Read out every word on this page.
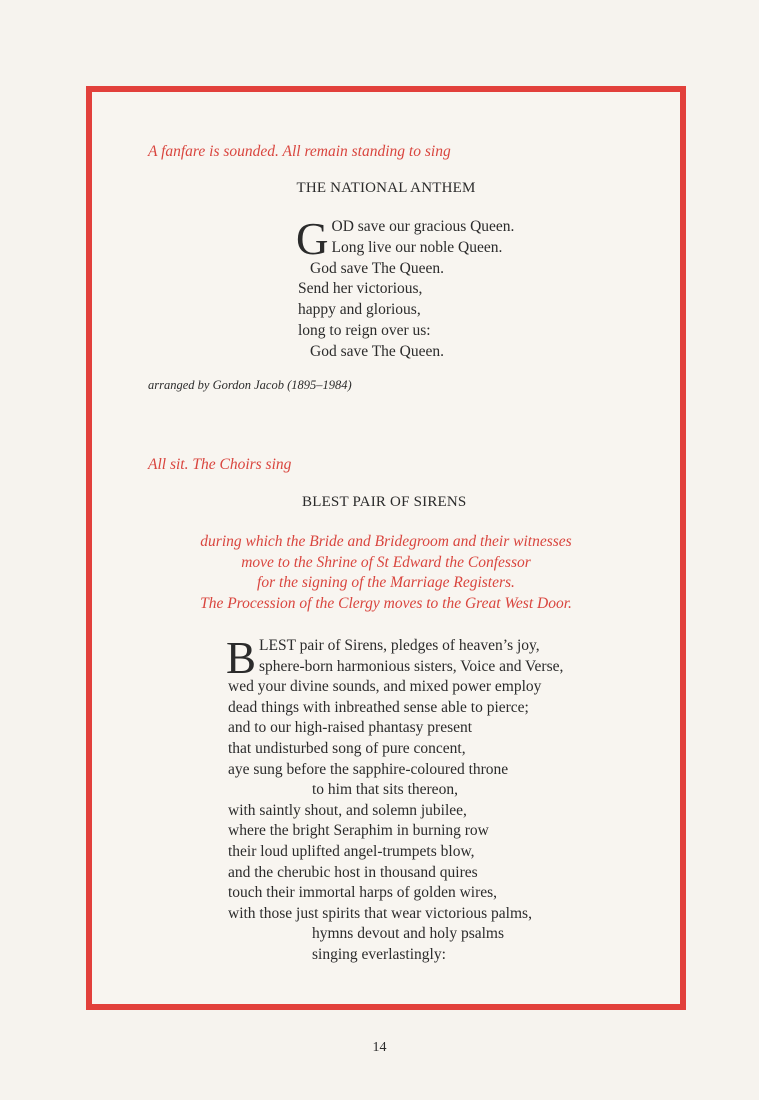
A fanfare is sounded. All remain standing to sing
THE NATIONAL ANTHEM
G OD save our gracious Queen.
Long live our noble Queen.
God save The Queen.
Send her victorious,
happy and glorious,
long to reign over us:
God save The Queen.
arranged by Gordon Jacob (1895–1984)
All sit. The Choirs sing
BLEST PAIR OF SIRENS
during which the Bride and Bridegroom and their witnesses
move to the Shrine of St Edward the Confessor
for the signing of the Marriage Registers.
The Procession of the Clergy moves to the Great West Door.
B LEST pair of Sirens, pledges of heaven’s joy,
sphere-born harmonious sisters, Voice and Verse,
wed your divine sounds, and mixed power employ
dead things with inbreathed sense able to pierce;
and to our high-raised phantasy present
that undisturbed song of pure concent,
aye sung before the sapphire-coloured throne
to him that sits thereon,
with saintly shout, and solemn jubilee,
where the bright Seraphim in burning row
their loud uplifted angel-trumpets blow,
and the cherubic host in thousand quires
touch their immortal harps of golden wires,
with those just spirits that wear victorious palms,
hymns devout and holy psalms
singing everlastingly:
14
